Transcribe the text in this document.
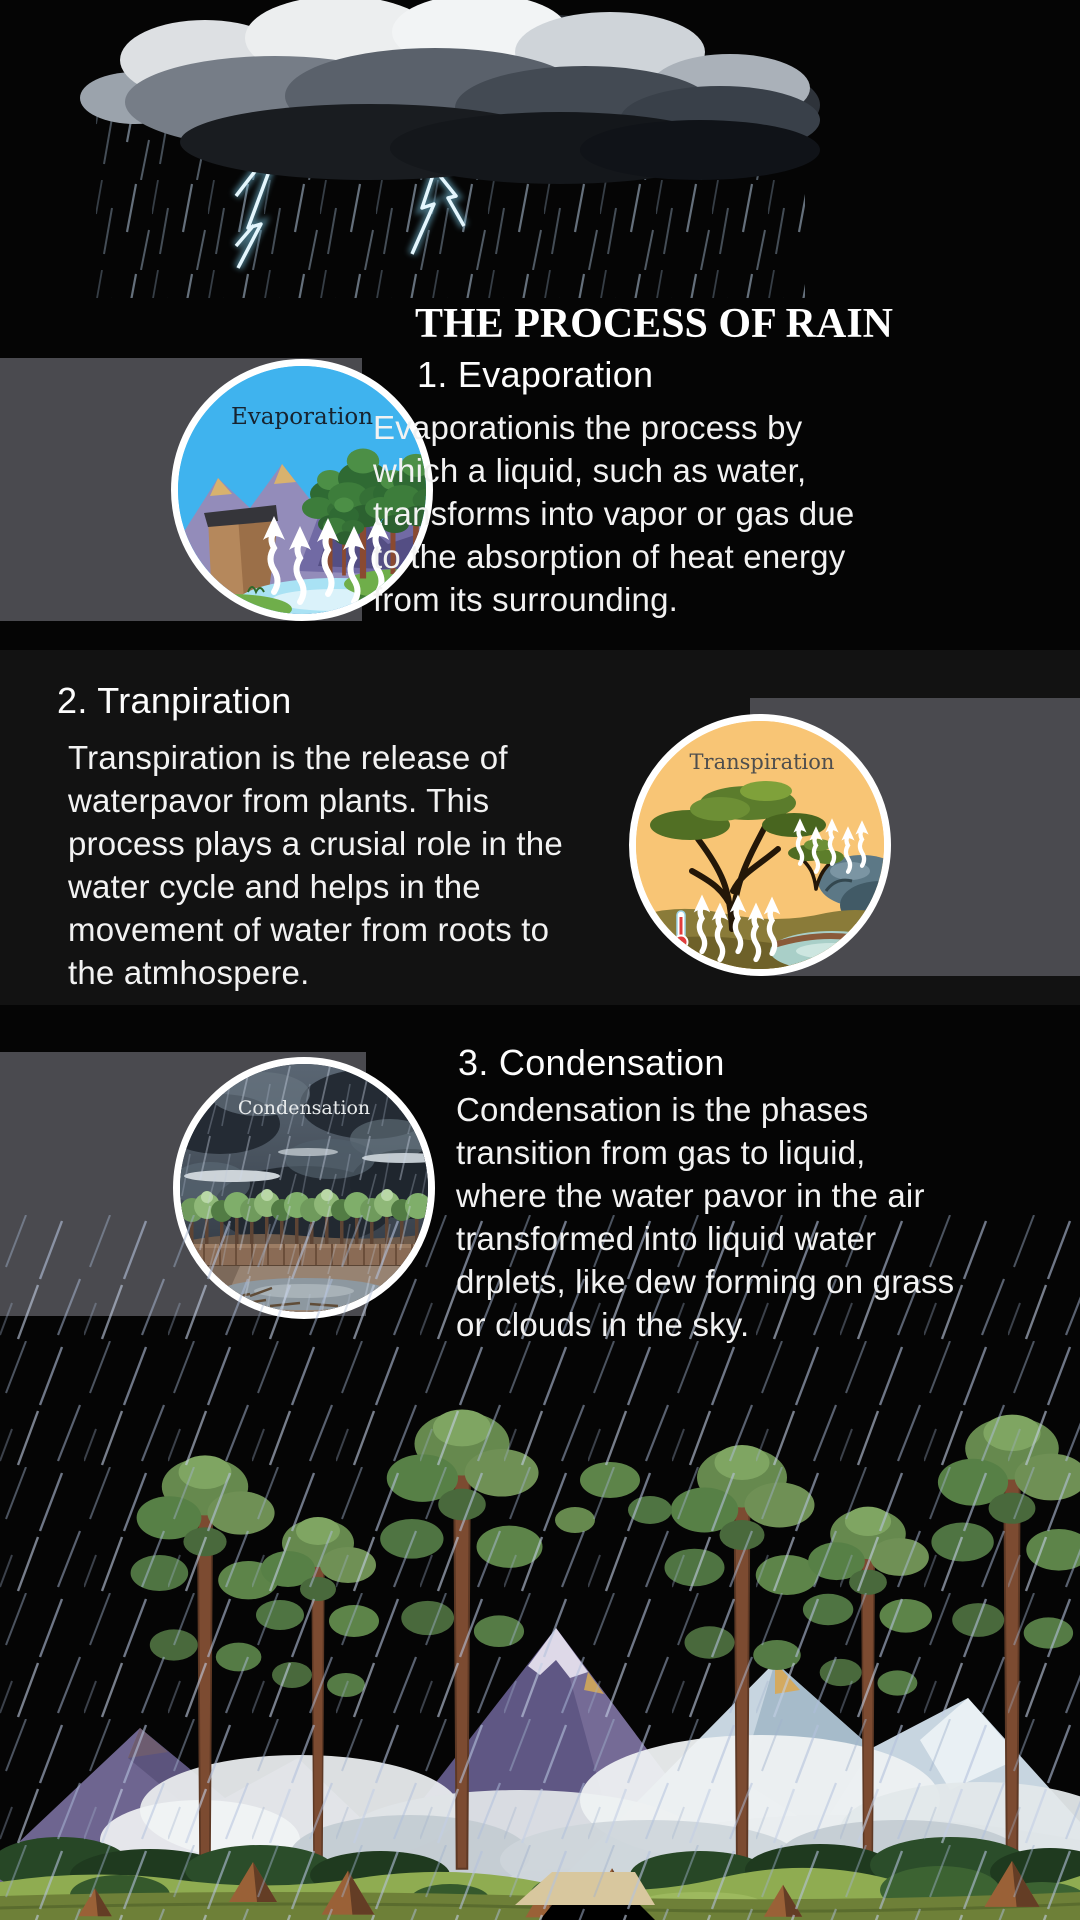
Evaporation
Transpiration
Condensation
THE PROCESS OF RAIN
1. Evaporation
Evaporationis the process by
which a liquid, such as water,
transforms into vapor or gas due
to the absorption of heat energy
from its surrounding.
2. Tranpiration
Transpiration is the release of
waterpavor from plants. This
process plays a crusial role in the
water cycle and helps in the
movement of water from roots to
the atmhospere.
3. Condensation
Condensation is the phases
transition from gas to liquid,
where the water pavor in the air
transformed into liquid water
drplets, like dew forming on grass
or clouds in the sky.
